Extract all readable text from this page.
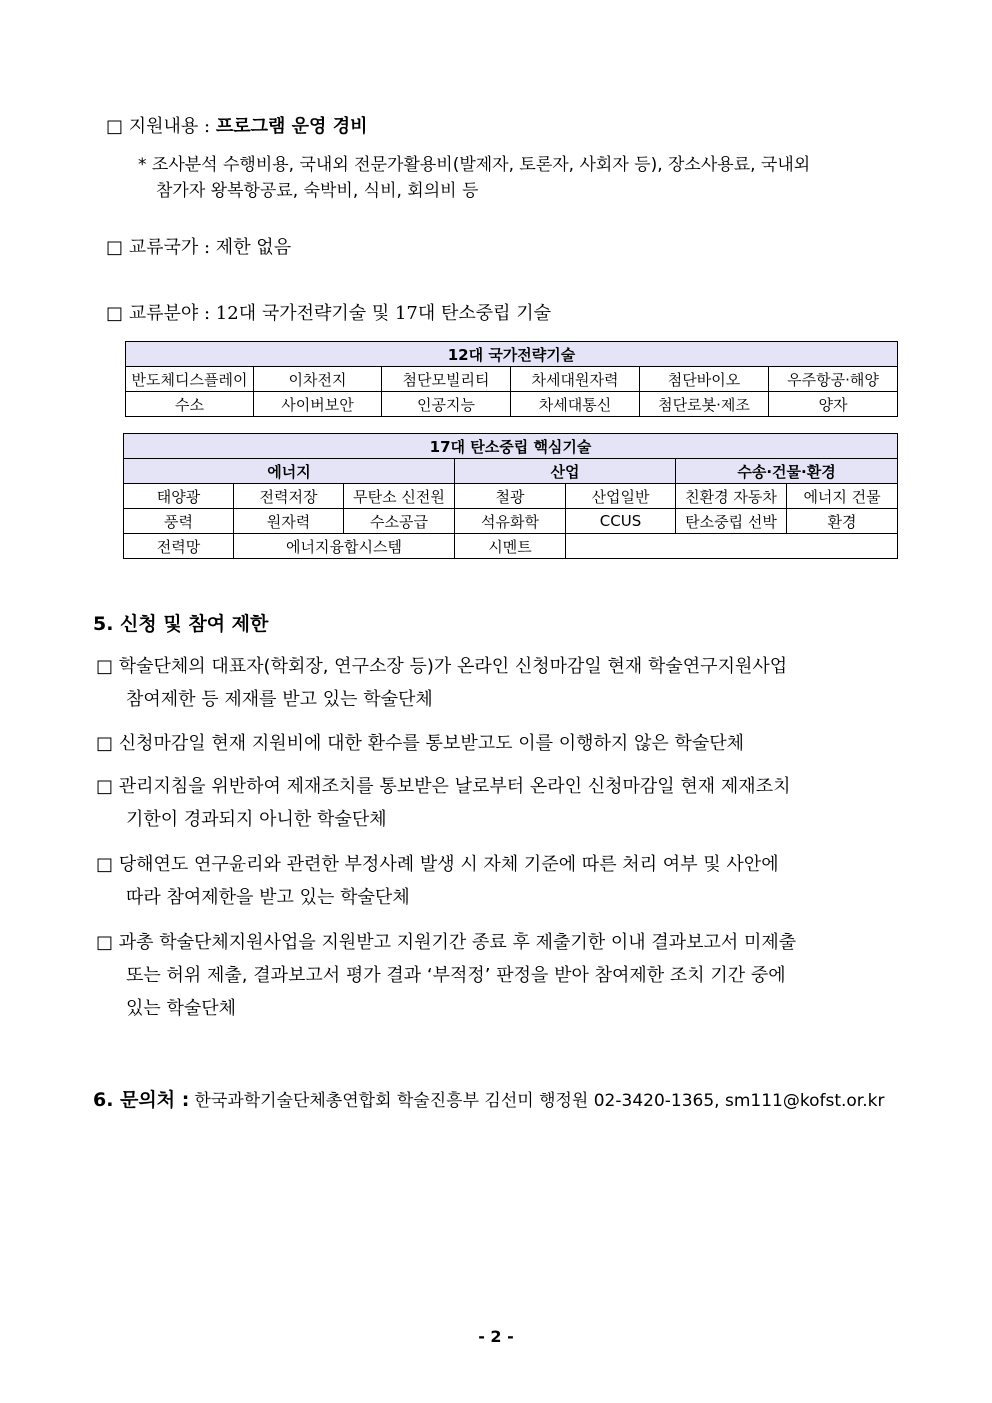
□ 지원내용 : 프로그램 운영 경비
* 조사분석 수행비용, 국내외 전문가활용비(발제자, 토론자, 사회자 등), 장소사용료, 국내외
참가자 왕복항공료, 숙박비, 식비, 회의비 등
□ 교류국가 : 제한 없음
□ 교류분야 : 12대 국가전략기술 및 17대 탄소중립 기술
12대 국가전략기술					
반도체디스플레이	이차전지	첨단모빌리티	차세대원자력	첨단바이오	우주항공·해양
수소	사이버보안	인공지능	차세대통신	첨단로봇·제조	양자
17대 탄소중립 핵심기술						
에너지			산업		수송·건물·환경	
태양광	전력저장	무탄소 신전원	철광	산업일반	친환경 자동차	에너지 건물
풍력	원자력	수소공급	석유화학	CCUS	탄소중립 선박	환경
전력망	에너지융합시스템		시멘트			
5. 신청 및 참여 제한
□ 학술단체의 대표자(학회장, 연구소장 등)가 온라인 신청마감일 현재 학술연구지원사업
참여제한 등 제재를 받고 있는 학술단체
□ 신청마감일 현재 지원비에 대한 환수를 통보받고도 이를 이행하지 않은 학술단체
□ 관리지침을 위반하여 제재조치를 통보받은 날로부터 온라인 신청마감일 현재 제재조치
기한이 경과되지 아니한 학술단체
□ 당해연도 연구윤리와 관련한 부정사례 발생 시 자체 기준에 따른 처리 여부 및 사안에
따라 참여제한을 받고 있는 학술단체
□ 과총 학술단체지원사업을 지원받고 지원기간 종료 후 제출기한 이내 결과보고서 미제출
또는 허위 제출, 결과보고서 평가 결과 ‘부적정’ 판정을 받아 참여제한 조치 기간 중에
있는 학술단체
6. 문의처 : 한국과학기술단체총연합회 학술진흥부 김선미 행정원 02-3420-1365, sm111@kofst.or.kr
- 2 -
